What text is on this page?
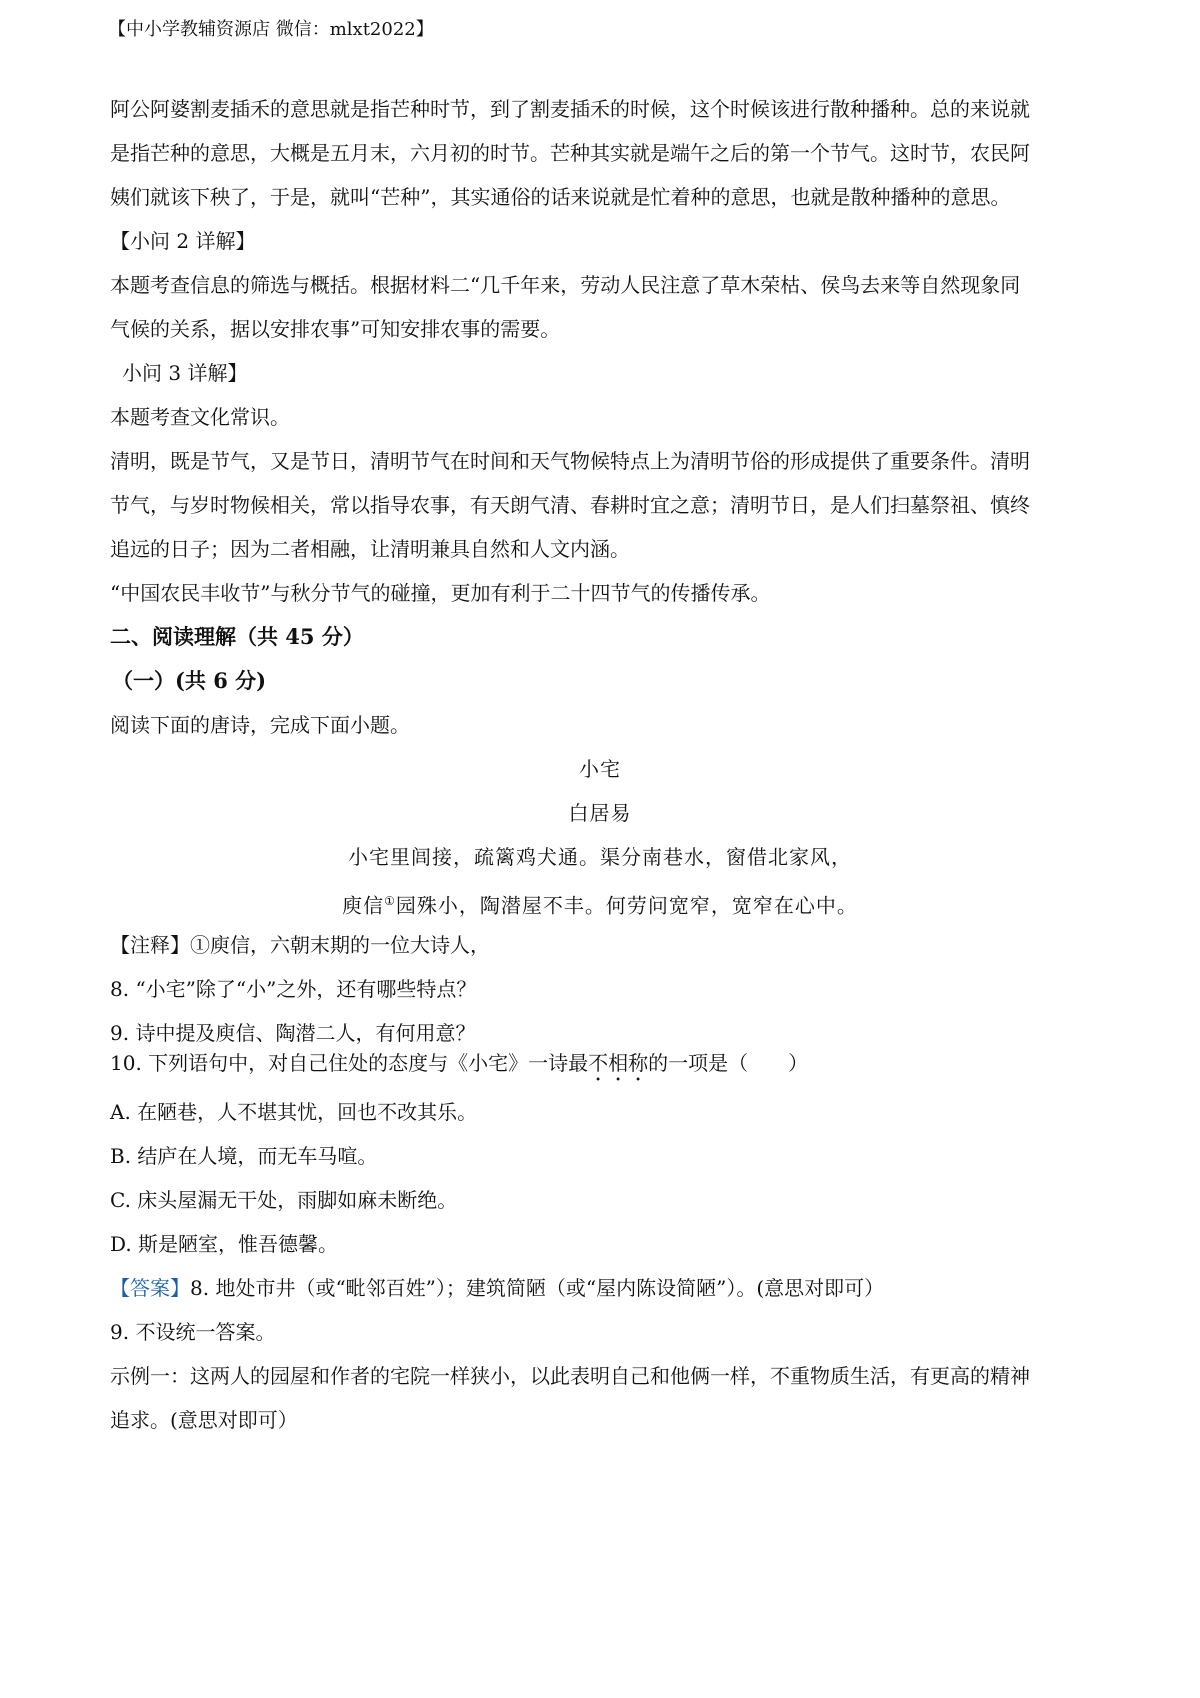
【中小学教辅资源店 微信：mlxt2022】
阿公阿婆割麦插禾的意思就是指芒种时节，到了割麦插禾的时候，这个时候该进行散种播种。总的来说就
是指芒种的意思，大概是五月末，六月初的时节。芒种其实就是端午之后的第一个节气。这时节，农民阿
姨们就该下秧了，于是，就叫“芒种”，其实通俗的话来说就是忙着种的意思，也就是散种播种的意思。
【小问 2 详解】
本题考查信息的筛选与概括。根据材料二“几千年来，劳动人民注意了草木荣枯、侯鸟去来等自然现象同
气候的关系，据以安排农事”可知安排农事的需要。
小问 3 详解】
本题考查文化常识。
清明，既是节气，又是节日，清明节气在时间和天气物候特点上为清明节俗的形成提供了重要条件。清明
节气，与岁时物候相关，常以指导农事，有天朗气清、春耕时宜之意；清明节日，是人们扫墓祭祖、慎终
追远的日子；因为二者相融，让清明兼具自然和人文内涵。
“中国农民丰收节”与秋分节气的碰撞，更加有利于二十四节气的传播传承。
二、阅读理解（共 45 分）
（一）(共 6 分)
阅读下面的唐诗，完成下面小题。
小宅
白居易
小宅里闾接，疏篱鸡犬通。渠分南巷水，窗借北家风，
庾信①园殊小，陶潜屋不丰。何劳问宽窄，宽窄在心中。
【注释】①庾信，六朝末期的一位大诗人，
8. “小宅”除了“小”之外，还有哪些特点？
9. 诗中提及庾信、陶潜二人，有何用意？
10. 下列语句中，对自己住处的态度与《小宅》一诗最不相称的一项是（　　）
A. 在陋巷，人不堪其忧，回也不改其乐。
B. 结庐在人境，而无车马喧。
C. 床头屋漏无干处，雨脚如麻未断绝。
D. 斯是陋室，惟吾德馨。
【答案】8. 地处市井（或“毗邻百姓”）；建筑简陋（或“屋内陈设简陋”）。(意思对即可）
9. 不设统一答案。
示例一：这两人的园屋和作者的宅院一样狭小，以此表明自己和他俩一样，不重物质生活，有更高的精神
追求。(意思对即可）
